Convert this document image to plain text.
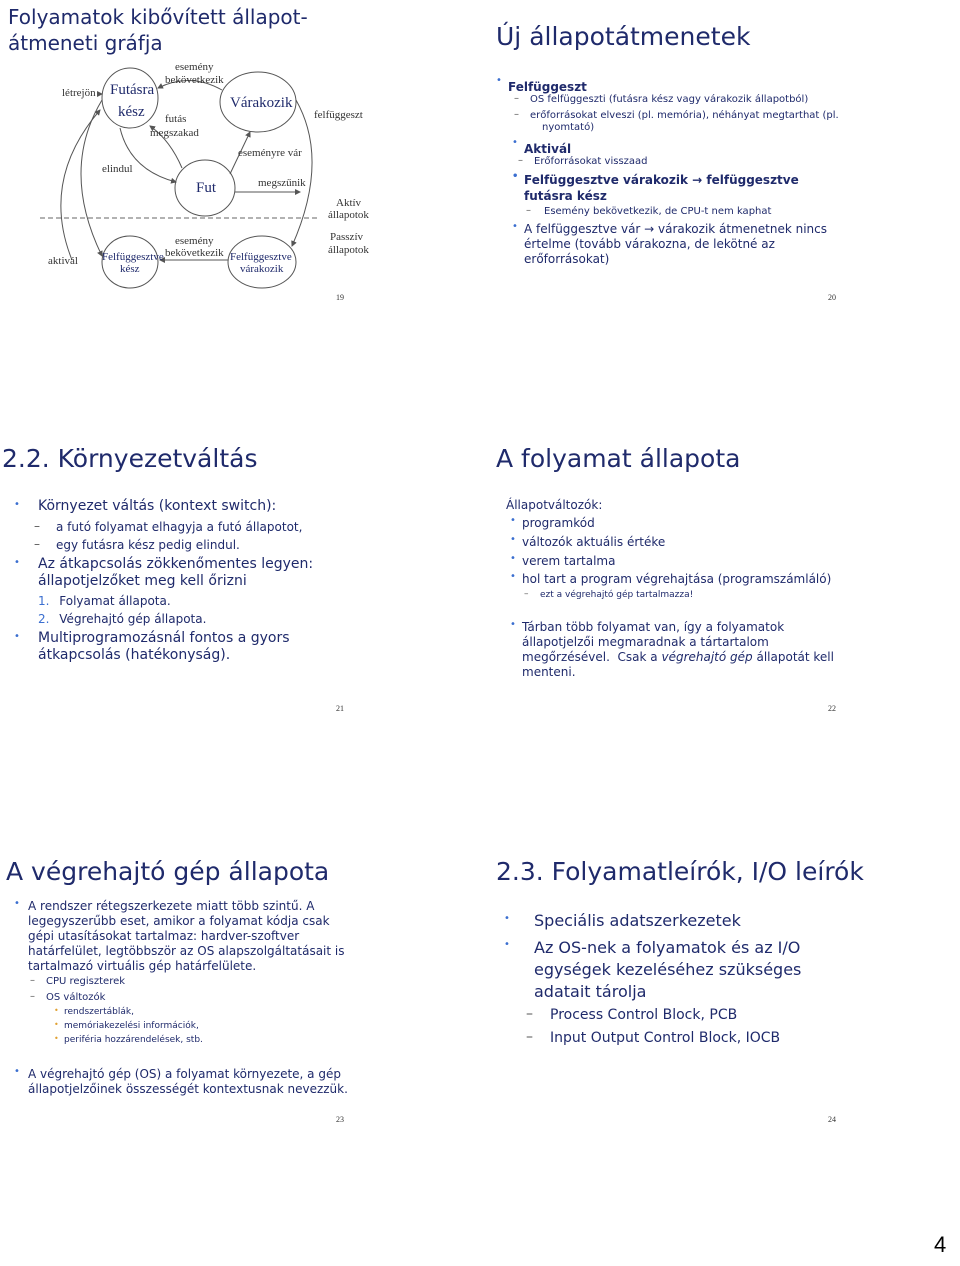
Folyamatok kibővített állapot-
átmeneti gráfja
létrejön Futásra
kész
esemény
bekövetkezik
Várakozik
futás
megszakad
felfüggeszt
elindul
eseményre vár
Fut	megszűnik
Aktív
állapotok
Passzív
állapotok
aktivál
esemény
bekövetkezik
Felfüggesztve
kész
Felfüggesztve
várakozik
19
Új állapotátmenetek
• Felfüggeszt
– OS felfüggeszti (futásra kész vagy várakozik állapotból)
– erőforrásokat elveszi (pl. memória), néhányat megtarthat (pl.
nyomtató)
• Aktivál
– Erőforrásokat visszaad
• Felfüggesztve várakozik → felfüggesztve
futásra kész
– Esemény bekövetkezik, de CPU-t nem kaphat
• A felfüggesztve vár → várakozik átmenetnek nincs
értelme (tovább várakozna, de lekötné az
erőforrásokat)
20
2.2. Környezetváltás
• Környezet váltás (kontext switch):
– a futó folyamat elhagyja a futó állapotot,
– egy futásra kész pedig elindul.
• Az átkapcsolás zökkenőmentes legyen:
állapotjelzőket meg kell őrizni
1. Folyamat állapota.
2. Végrehajtó gép állapota.
• Multiprogramozásnál fontos a gyors
átkapcsolás (hatékonyság).
21
A folyamat állapota
Állapotváltozók:
• programkód
• változók aktuális értéke
• verem tartalma
• hol tart a program végrehajtása (programszámláló)
– ezt a végrehajtó gép tartalmazza!
• Tárban több folyamat van, így a folyamatok
állapotjelzői megmaradnak a tártartalom
megőrzésével.  Csak a végrehajtó gép állapotát kell
menteni.
22
A végrehajtó gép állapota
• A rendszer rétegszerkezete miatt több szintű. A
legegyszerűbb eset, amikor a folyamat kódja csak
gépi utasításokat tartalmaz: hardver-szoftver
határfelület, legtöbbször az OS alapszolgáltatásait is
tartalmazó virtuális gép határfelülete.
– CPU regiszterek
– OS változók
• rendszertáblák,
• memóriakezelési információk,
• periféria hozzárendelések, stb.
• A végrehajtó gép (OS) a folyamat környezete, a gép
állapotjelzőinek összességét kontextusnak nevezzük.
23
2.3. Folyamatleírók, I/O leírók
• Speciális adatszerkezetek
• Az OS-nek a folyamatok és az I/O
egységek kezeléséhez szükséges
adatait tárolja
– Process Control Block, PCB
– Input Output Control Block, IOCB
24
4
